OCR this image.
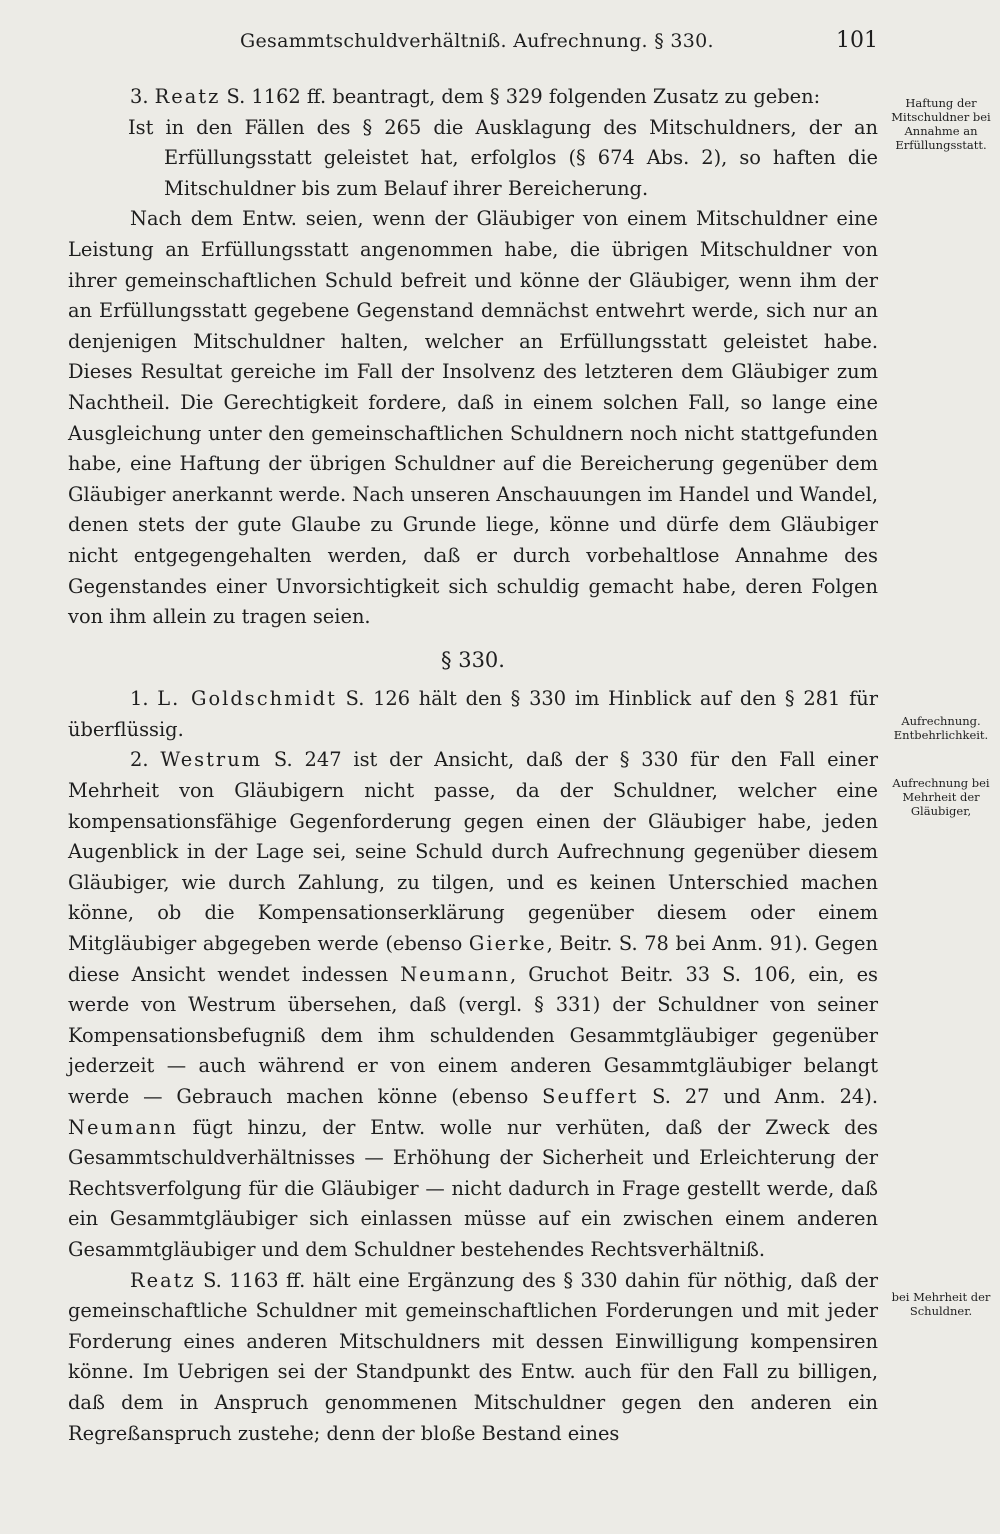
Gesammtschuldverhältniß. Aufrechnung. § 330.	101

3. Reatz S. 1162 ff. beantragt, dem § 329 folgenden Zusatz zu geben:

Ist in den Fällen des § 265 die Ausklagung des Mitschuldners, der an Erfüllungsstatt geleistet hat, erfolglos (§ 674 Abs. 2), so haften die Mitschuldner bis zum Belauf ihrer Bereicherung.

Nach dem Entw. seien, wenn der Gläubiger von einem Mitschuldner eine Leistung an Erfüllungsstatt angenommen habe, die übrigen Mitschuldner von ihrer gemeinschaftlichen Schuld befreit und könne der Gläubiger, wenn ihm der an Erfüllungsstatt gegebene Gegenstand demnächst entwehrt werde, sich nur an denjenigen Mitschuldner halten, welcher an Erfüllungsstatt geleistet habe. Dieses Resultat gereiche im Fall der Insolvenz des letzteren dem Gläubiger zum Nachtheil. Die Gerechtigkeit fordere, daß in einem solchen Fall, so lange eine Ausgleichung unter den gemeinschaftlichen Schuldnern noch nicht stattgefunden habe, eine Haftung der übrigen Schuldner auf die Bereicherung gegenüber dem Gläubiger anerkannt werde. Nach unseren Anschauungen im Handel und Wandel, denen stets der gute Glaube zu Grunde liege, könne und dürfe dem Gläubiger nicht entgegengehalten werden, daß er durch vorbehaltlose Annahme des Gegenstandes einer Unvorsichtigkeit sich schuldig gemacht habe, deren Folgen von ihm allein zu tragen seien.

§ 330.

1. L. Goldschmidt S. 126 hält den § 330 im Hinblick auf den § 281 für überflüssig.

2. Westrum S. 247 ist der Ansicht, daß der § 330 für den Fall einer Mehrheit von Gläubigern nicht passe, da der Schuldner, welcher eine kompensationsfähige Gegenforderung gegen einen der Gläubiger habe, jeden Augenblick in der Lage sei, seine Schuld durch Aufrechnung gegenüber diesem Gläubiger, wie durch Zahlung, zu tilgen, und es keinen Unterschied machen könne, ob die Kompensationserklärung gegenüber diesem oder einem Mitgläubiger abgegeben werde (ebenso Gierke, Beitr. S. 78 bei Anm. 91). Gegen diese Ansicht wendet indessen Neumann, Gruchot Beitr. 33 S. 106, ein, es werde von Westrum übersehen, daß (vergl. § 331) der Schuldner von seiner Kompensationsbefugniß dem ihm schuldenden Gesammtgläubiger gegenüber jederzeit — auch während er von einem anderen Gesammtgläubiger belangt werde — Gebrauch machen könne (ebenso Seuffert S. 27 und Anm. 24). Neumann fügt hinzu, der Entw. wolle nur verhüten, daß der Zweck des Gesammtschuldverhältnisses — Erhöhung der Sicherheit und Erleichterung der Rechtsverfolgung für die Gläubiger — nicht dadurch in Frage gestellt werde, daß ein Gesammtgläubiger sich einlassen müsse auf ein zwischen einem anderen Gesammtgläubiger und dem Schuldner bestehendes Rechtsverhältniß.

Reatz S. 1163 ff. hält eine Ergänzung des § 330 dahin für nöthig, daß der gemeinschaftliche Schuldner mit gemeinschaftlichen Forderungen und mit jeder Forderung eines anderen Mitschuldners mit dessen Einwilligung kompensiren könne. Im Uebrigen sei der Standpunkt des Entw. auch für den Fall zu billigen, daß dem in Anspruch genommenen Mitschuldner gegen den anderen ein Regreßanspruch zustehe; denn der bloße Bestand eines

Haftung der Mitschuldner bei Annahme an Erfüllungsstatt.
Aufrechnung. Entbehrlichkeit.
Aufrechnung bei Mehrheit der Gläubiger,
bei Mehrheit der Schuldner.
